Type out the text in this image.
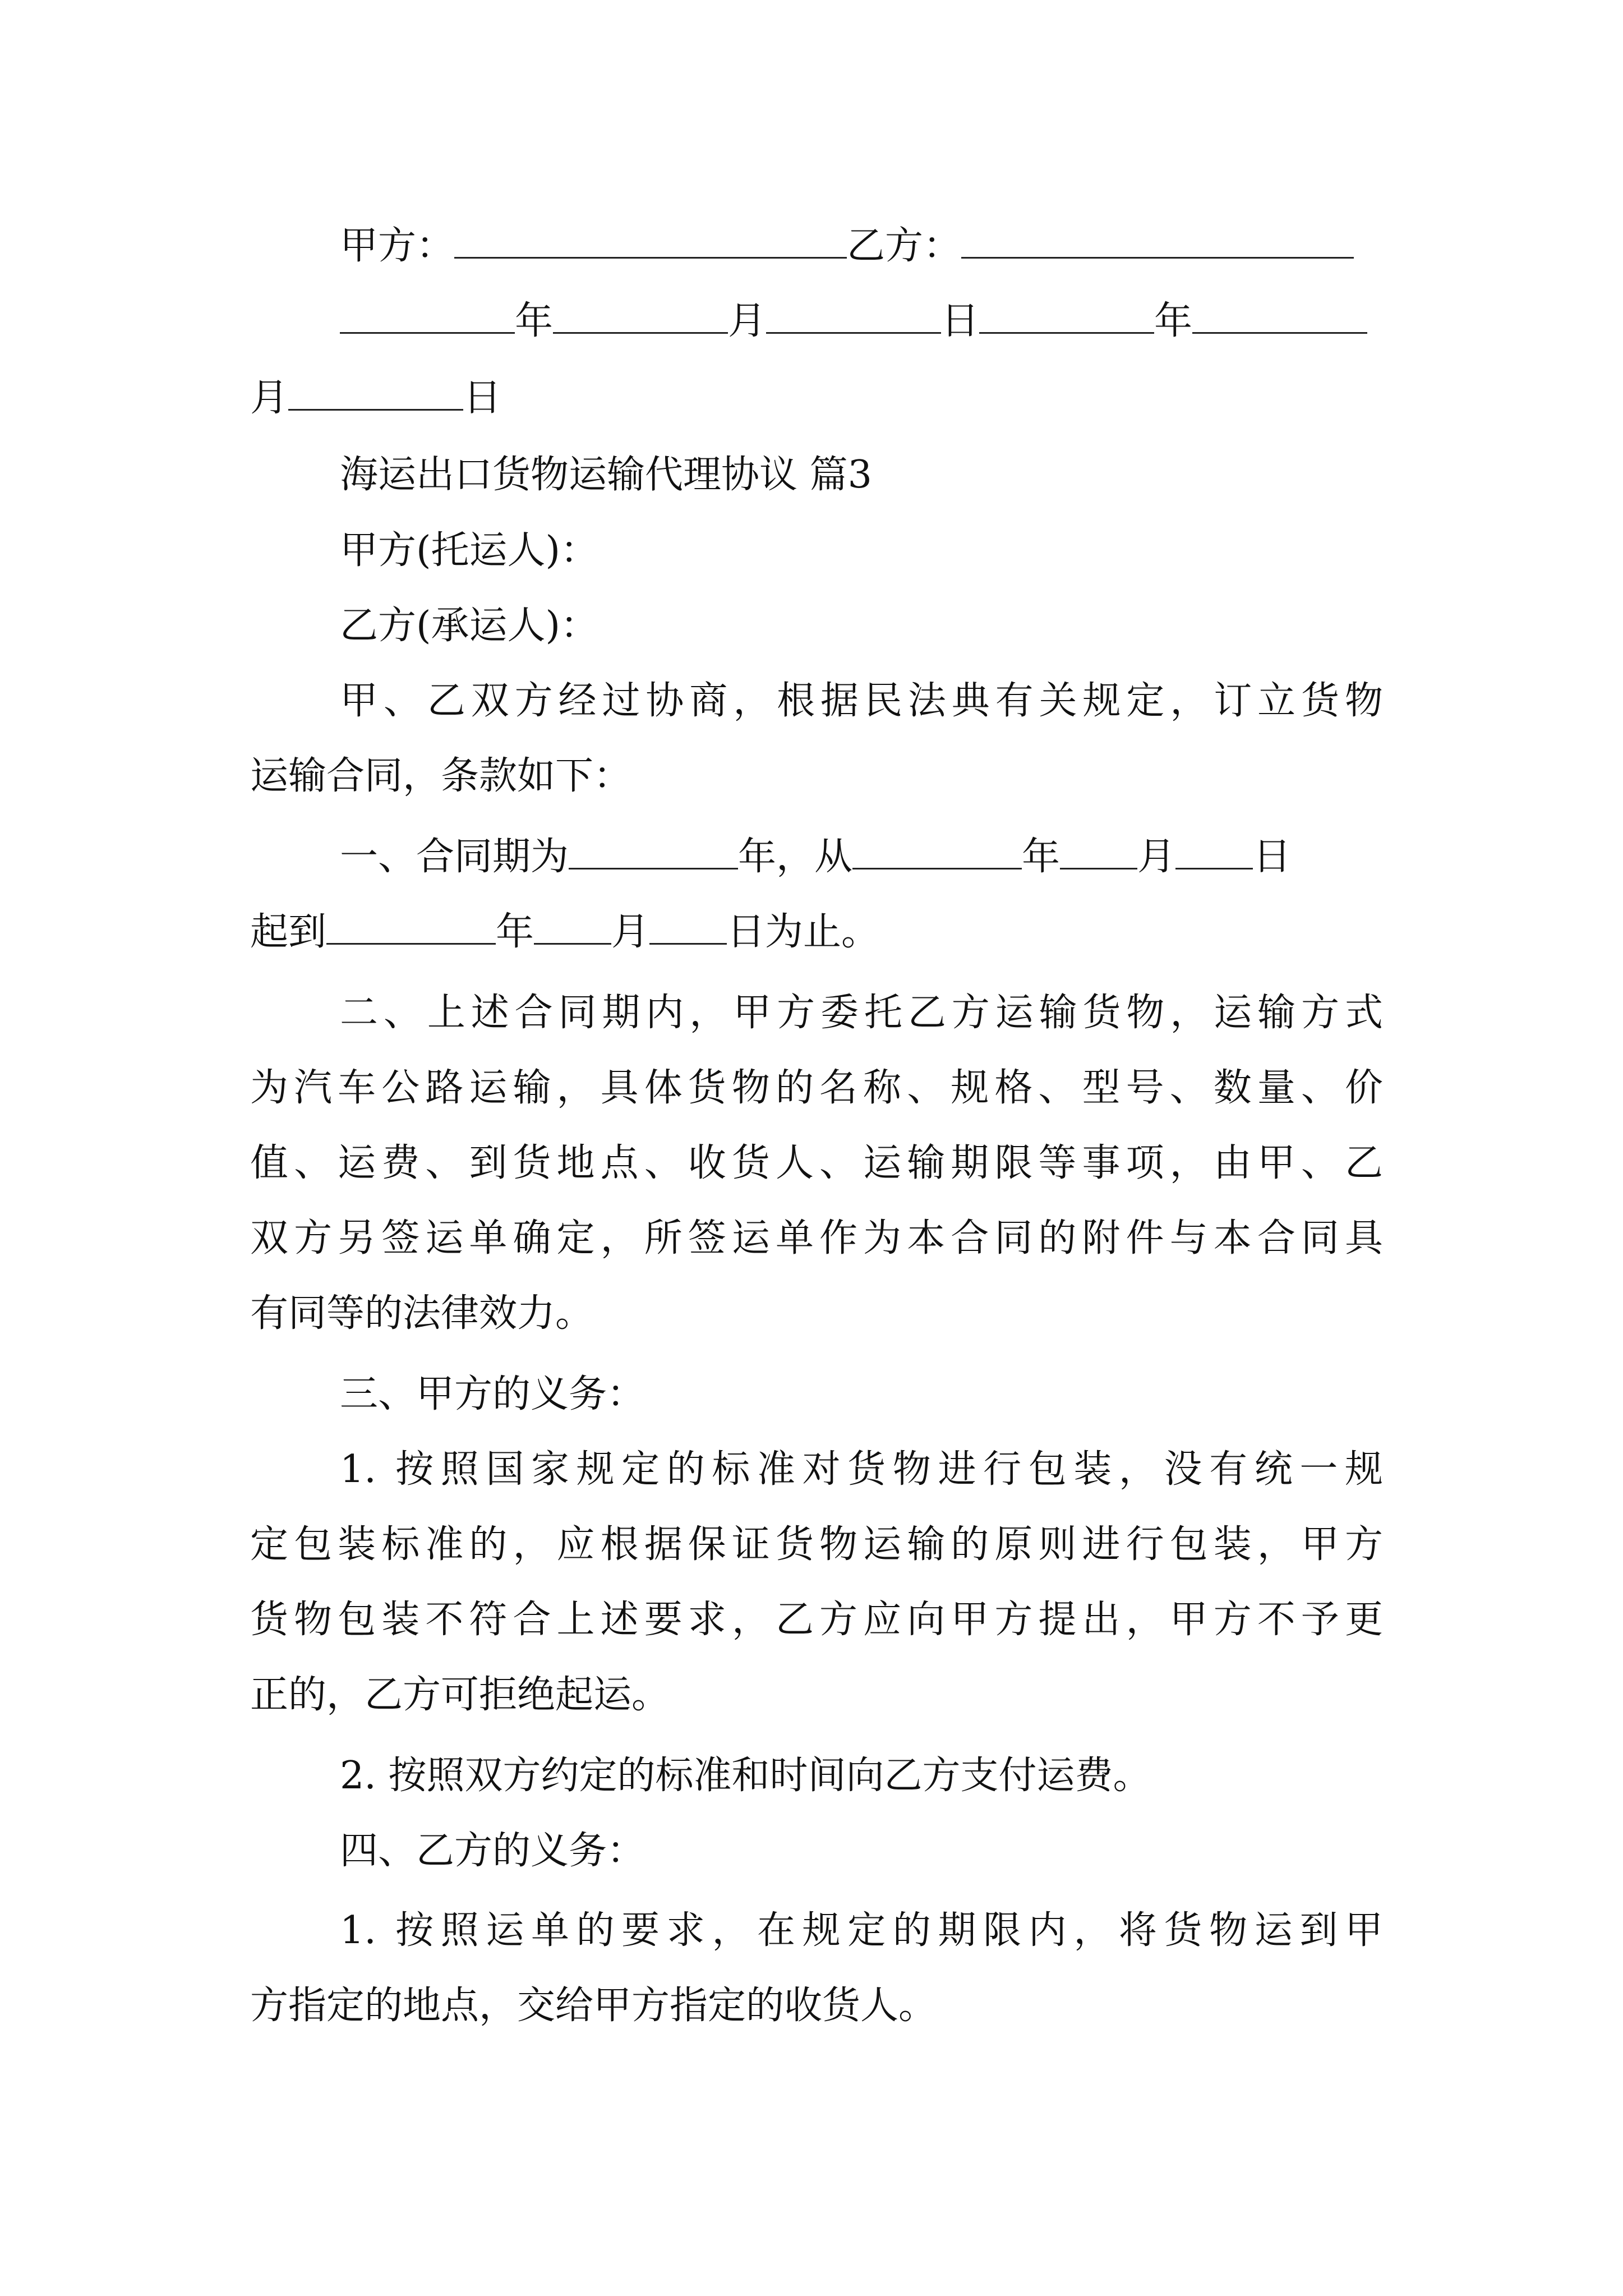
甲方：	乙方：
年	月	日	年
月	日
海运出口货物运输代理协议 篇3
甲方(托运人)：
乙方(承运人)：
甲、乙双方经过协商，根据民法典有关规定，订立货物
运输合同，条款如下：
一、合同期为	年，从	年 月 日
起到	年 月 日为止。
二、上述合同期内，甲方委托乙方运输货物，运输方式
为汽车公路运输，具体货物的名称、规格、型号、数量、价
值、运费、到货地点、收货人、运输期限等事项，由甲、乙
双方另签运单确定，所签运单作为本合同的附件与本合同具
有同等的法律效力。
三、甲方的义务：
1. 按照国家规定的标准对货物进行包装，没有统一规
定包装标准的，应根据保证货物运输的原则进行包装，甲方
货物包装不符合上述要求，乙方应向甲方提出，甲方不予更
正的，乙方可拒绝起运。
2. 按照双方约定的标准和时间向乙方支付运费。
四、乙方的义务：
1. 按照运单的要求，在规定的期限内，将货物运到甲
方指定的地点，交给甲方指定的收货人。
